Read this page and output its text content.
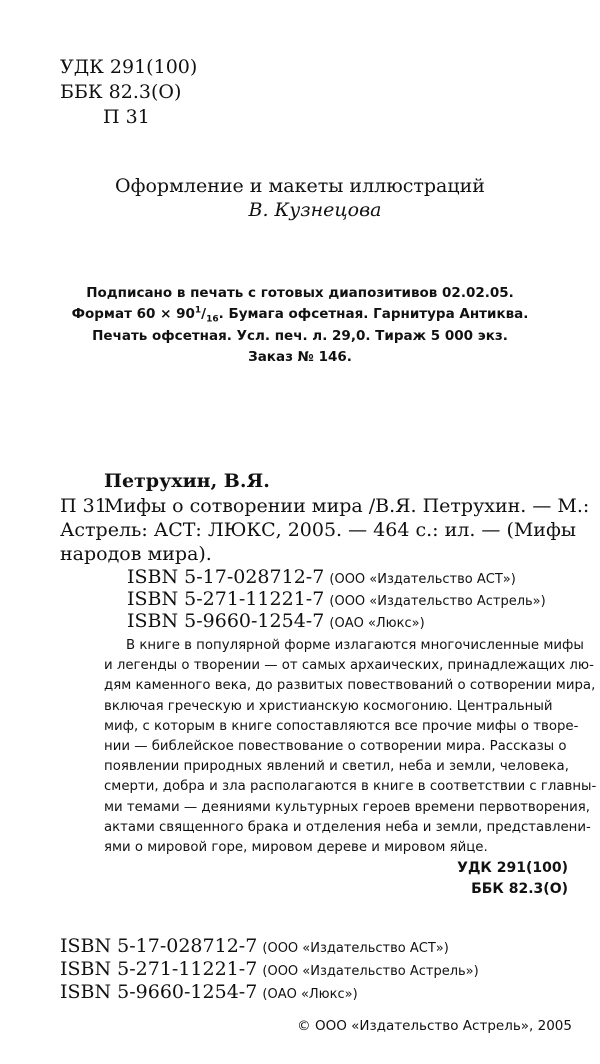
УДК 291(100)
ББК 82.3(О)
П 31
Оформление и макеты иллюстраций
В. Кузнецова
Подписано в печать с готовых диапозитивов 02.02.05.
Формат $60 \times 90^1/_{16}$. Бумага офсетная. Гарнитура Антиква.
Печать офсетная. Усл. печ. л. 29,0. Тираж 5 000 экз.
Заказ № 146.
Петрухин, В.Я.
П 31
Мифы о сотворении мира /В.Я. Петрухин. — М.:
Астрель: АСТ: ЛЮКС, 2005. — 464 с.: ил. — (Мифы
народов мира).
ISBN 5-17-028712-7 (ООО «Издательство АСТ»)
ISBN 5-271-11221-7 (ООО «Издательство Астрель»)
ISBN 5-9660-1254-7 (ОАО «Люкс»)
В книге в популярной форме излагаются многочисленные мифы
и легенды о творении — от самых архаических, принадлежащих лю-
дям каменного века, до развитых повествований о сотворении мира,
включая греческую и христианскую космогонию. Центральный
миф, с которым в книге сопоставляются все прочие мифы о творе-
нии — библейское повествование о сотворении мира. Рассказы о
появлении природных явлений и светил, неба и земли, человека,
смерти, добра и зла располагаются в книге в соответствии с главны-
ми темами — деяниями культурных героев времени первотворения,
актами священного брака и отделения неба и земли, представлени-
ями о мировой горе, мировом дереве и мировом яйце.
УДК 291(100)
ББК 82.3(О)
ISBN 5-17-028712-7 (ООО «Издательство АСТ»)
ISBN 5-271-11221-7 (ООО «Издательство Астрель»)
ISBN 5-9660-1254-7 (ОАО «Люкс»)
© ООО «Издательство Астрель», 2005
